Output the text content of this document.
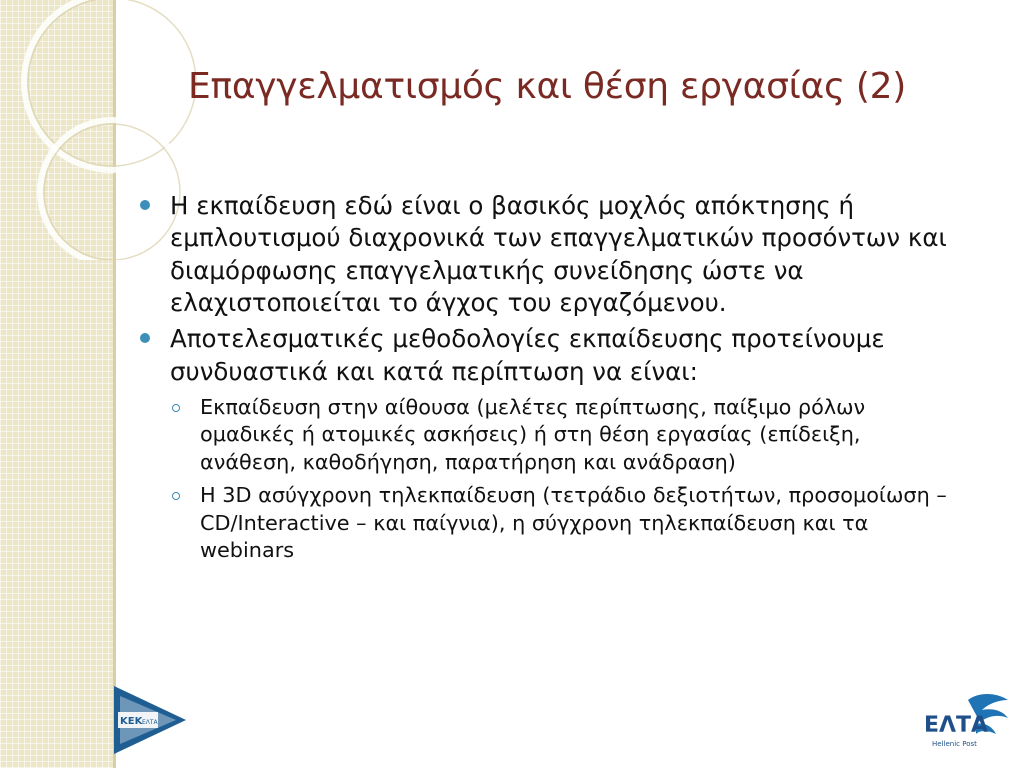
Επαγγελματισμός και θέση εργασίας (2)
Η εκπαίδευση εδώ είναι ο βασικός μοχλός απόκτησης ή εμπλουτισμού διαχρονικά των επαγγελματικών προσόντων και διαμόρφωσης επαγγελματικής συνείδησης ώστε να ελαχιστοποιείται το άγχος του εργαζόμενου.
Αποτελεσματικές μεθοδολογίες εκπαίδευσης προτείνουμε συνδυαστικά και κατά περίπτωση να είναι:
Εκπαίδευση στην αίθουσα (μελέτες περίπτωσης, παίξιμο ρόλων ομαδικές ή ατομικές ασκήσεις) ή στη θέση εργασίας (επίδειξη, ανάθεση, καθοδήγηση, παρατήρηση και ανάδραση)
Η 3D ασύγχρονη τηλεκπαίδευση (τετράδιο δεξιοτήτων, προσομοίωση – CD/Interactive – και παίγνια), η σύγχρονη τηλεκπαίδευση και τα webinars
KEK ΕΛΤΑ	ΕΛΤΑ
Hellenic Post
